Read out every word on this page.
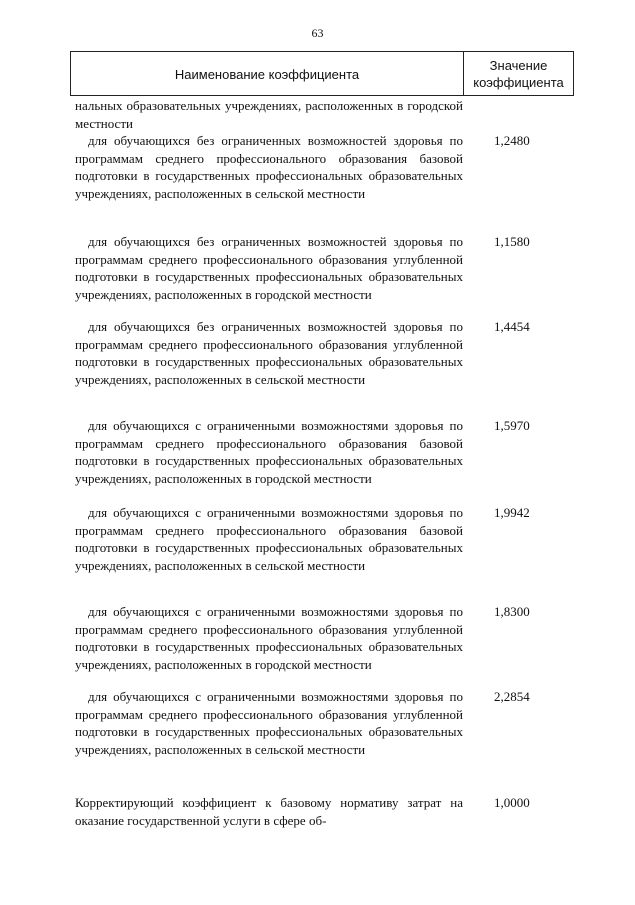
63
Наименование коэффициента
Значение
коэффициента

нальных образовательных учреждениях, расположенных в городской местности

для обучающихся без ограниченных возможностей здоровья по программам среднего профессионального образования базовой подготовки в государственных профессиональных образовательных учреждениях, расположенных в сельской местности

1,2480

для обучающихся без ограниченных возможностей здоровья по программам среднего профессионального образования углубленной подготовки в государственных профессиональных образовательных учреждениях, расположенных в городской местности

1,1580

для обучающихся без ограниченных возможностей здоровья по программам среднего профессионального образования углубленной подготовки в государственных профессиональных образовательных учреждениях, расположенных в сельской местности

1,4454

для обучающихся с ограниченными возможностями здоровья по программам среднего профессионального образования базовой подготовки в государственных профессиональных образовательных учреждениях, расположенных в городской местности

1,5970

для обучающихся с ограниченными возможностями здоровья по программам среднего профессионального образования базовой подготовки в государственных профессиональных образовательных учреждениях, расположенных в сельской местности

1,9942

для обучающихся с ограниченными возможностями здоровья по программам среднего профессионального образования углубленной подготовки в государственных профессиональных образовательных учреждениях, расположенных в городской местности

1,8300

для обучающихся с ограниченными возможностями здоровья по программам среднего профессионального образования углубленной подготовки в государственных профессиональных образовательных учреждениях, расположенных в сельской местности

2,2854

Корректирующий коэффициент к базовому нормативу затрат на оказание государственной услуги в сфере об-

1,0000
